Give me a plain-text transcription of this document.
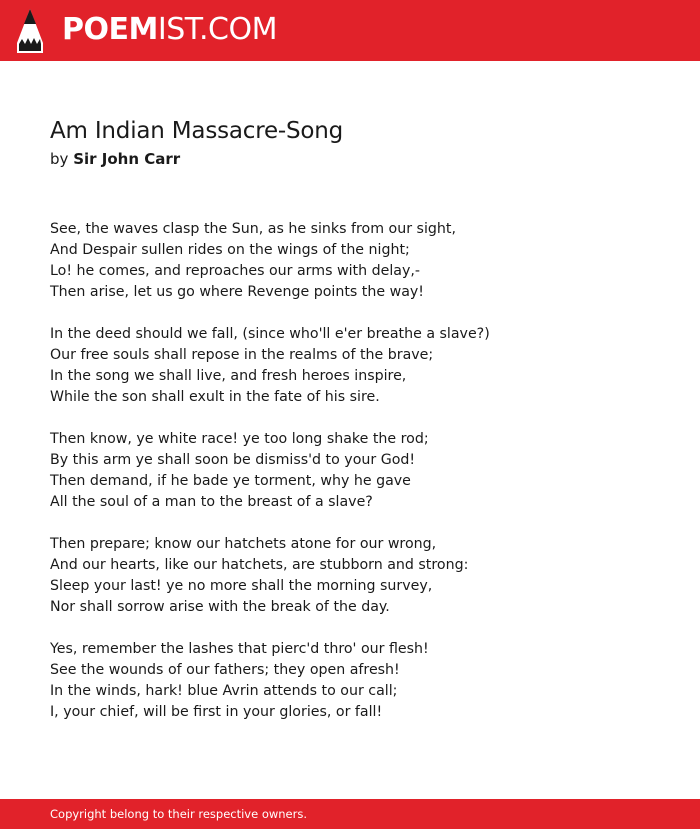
POEMIST.COM
Am Indian Massacre-Song
by Sir John Carr
See, the waves clasp the Sun, as he sinks from our sight,
And Despair sullen rides on the wings of the night;
Lo! he comes, and reproaches our arms with delay,-
Then arise, let us go where Revenge points the way!
In the deed should we fall, (since who'll e'er breathe a slave?)
Our free souls shall repose in the realms of the brave;
In the song we shall live, and fresh heroes inspire,
While the son shall exult in the fate of his sire.
Then know, ye white race! ye too long shake the rod;
By this arm ye shall soon be dismiss'd to your God!
Then demand, if he bade ye torment, why he gave
All the soul of a man to the breast of a slave?
Then prepare; know our hatchets atone for our wrong,
And our hearts, like our hatchets, are stubborn and strong:
Sleep your last! ye no more shall the morning survey,
Nor shall sorrow arise with the break of the day.
Yes, remember the lashes that pierc'd thro' our flesh!
See the wounds of our fathers; they open afresh!
In the winds, hark! blue Avrin attends to our call;
I, your chief, will be first in your glories, or fall!
Copyright belong to their respective owners.
